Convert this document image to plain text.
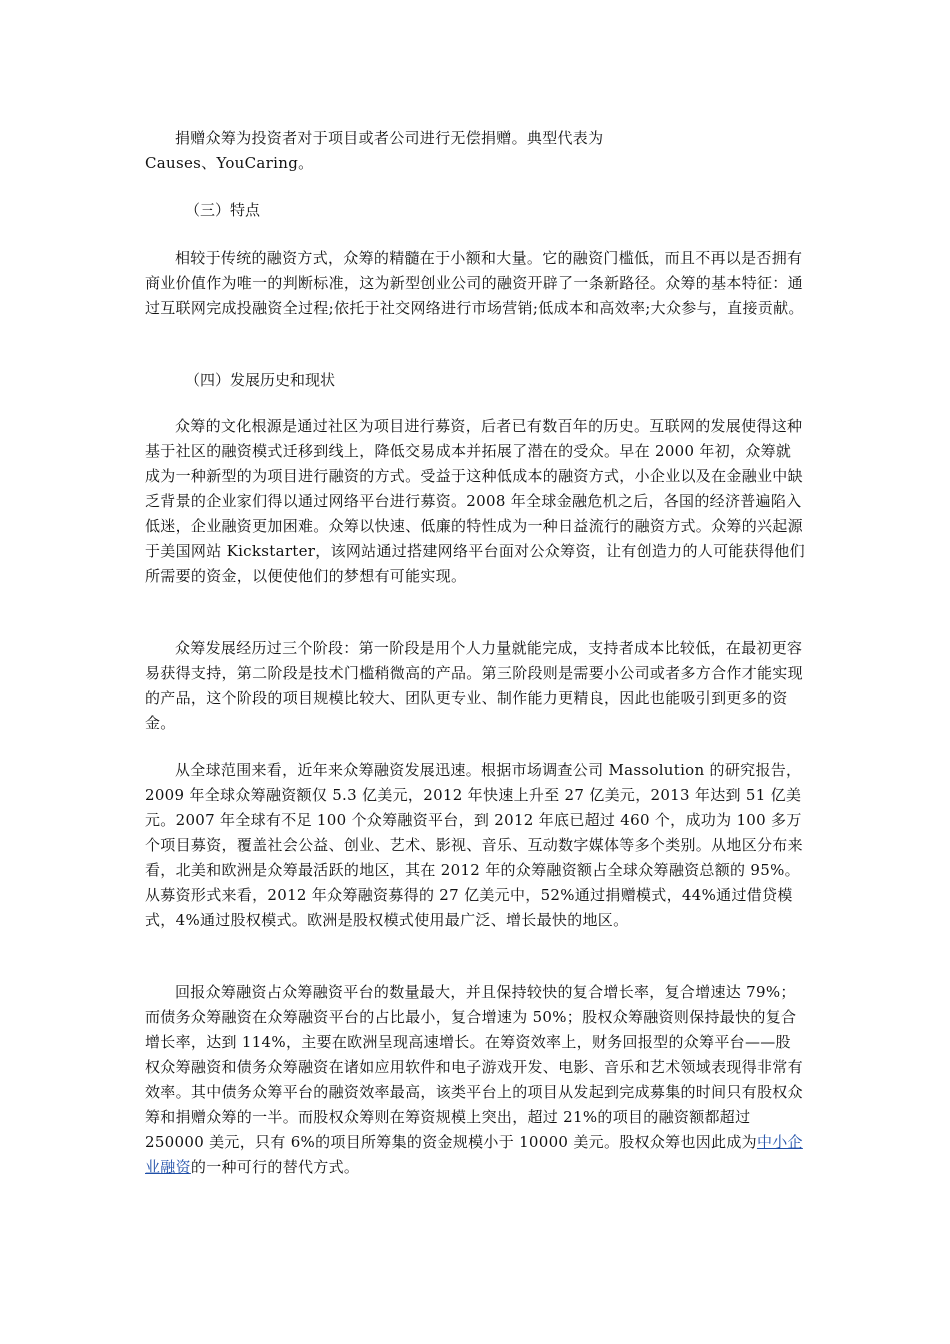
捐赠众筹为投资者对于项目或者公司进行无偿捐赠。典型代表为
Causes、YouCaring。

（三）特点

相较于传统的融资方式，众筹的精髓在于小额和大量。它的融资门槛低，而且不再以是否拥有商业价值作为唯一的判断标准，这为新型创业公司的融资开辟了一条新路径。众筹的基本特征：通过互联网完成投融资全过程;依托于社交网络进行市场营销;低成本和高效率;大众参与，直接贡献。

（四）发展历史和现状

众筹的文化根源是通过社区为项目进行募资，后者已有数百年的历史。互联网的发展使得这种基于社区的融资模式迁移到线上，降低交易成本并拓展了潜在的受众。早在 2000 年初，众筹就成为一种新型的为项目进行融资的方式。受益于这种低成本的融资方式，小企业以及在金融业中缺乏背景的企业家们得以通过网络平台进行募资。2008 年全球金融危机之后，各国的经济普遍陷入低迷，企业融资更加困难。众筹以快速、低廉的特性成为一种日益流行的融资方式。众筹的兴起源于美国网站 Kickstarter，该网站通过搭建网络平台面对公众筹资，让有创造力的人可能获得他们所需要的资金，以便使他们的梦想有可能实现。

众筹发展经历过三个阶段：第一阶段是用个人力量就能完成，支持者成本比较低，在最初更容易获得支持，第二阶段是技术门槛稍微高的产品。第三阶段则是需要小公司或者多方合作才能实现的产品，这个阶段的项目规模比较大、团队更专业、制作能力更精良，因此也能吸引到更多的资金。

从全球范围来看，近年来众筹融资发展迅速。根据市场调查公司 Massolution 的研究报告，2009 年全球众筹融资额仅 5.3 亿美元，2012 年快速上升至 27 亿美元，2013 年达到 51 亿美元。2007 年全球有不足 100 个众筹融资平台，到 2012 年底已超过 460 个，成功为 100 多万个项目募资，覆盖社会公益、创业、艺术、影视、音乐、互动数字媒体等多个类别。从地区分布来看，北美和欧洲是众筹最活跃的地区，其在 2012 年的众筹融资额占全球众筹融资总额的 95%。从募资形式来看，2012 年众筹融资募得的 27 亿美元中，52%通过捐赠模式，44%通过借贷模式，4%通过股权模式。欧洲是股权模式使用最广泛、增长最快的地区。

回报众筹融资占众筹融资平台的数量最大，并且保持较快的复合增长率，复合增速达 79%；而债务众筹融资在众筹融资平台的占比最小，复合增速为 50%；股权众筹融资则保持最快的复合增长率，达到 114%，主要在欧洲呈现高速增长。在筹资效率上，财务回报型的众筹平台——股权众筹融资和债务众筹融资在诸如应用软件和电子游戏开发、电影、音乐和艺术领域表现得非常有效率。其中债务众筹平台的融资效率最高，该类平台上的项目从发起到完成募集的时间只有股权众筹和捐赠众筹的一半。而股权众筹则在筹资规模上突出，超过 21%的项目的融资额都超过 250000 美元，只有 6%的项目所筹集的资金规模小于 10000 美元。股权众筹也因此成为中小企业融资的一种可行的替代方式。
